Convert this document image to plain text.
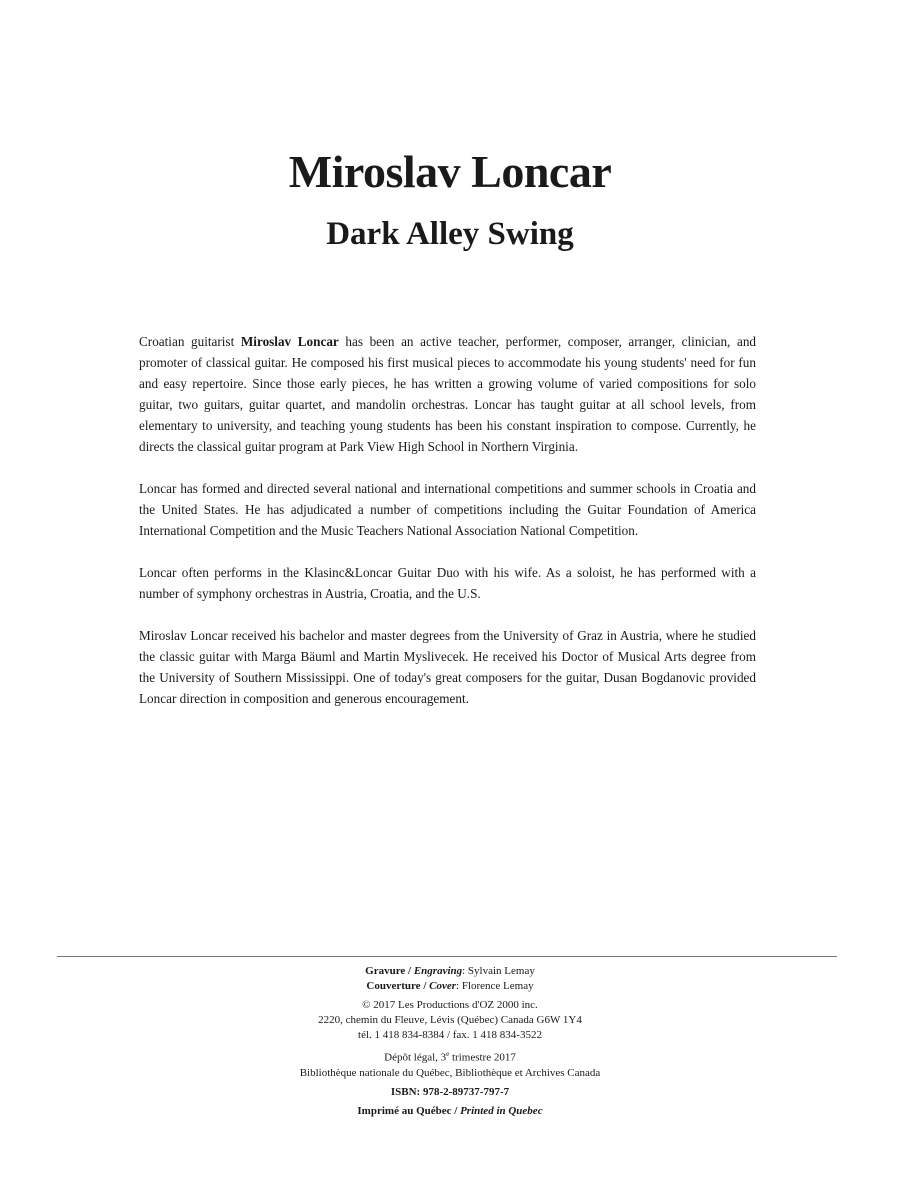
Miroslav Loncar
Dark Alley Swing

Croatian guitarist Miroslav Loncar has been an active teacher, performer, composer, arranger, clinician, and promoter of classical guitar. He composed his first musical pieces to accommodate his young students' need for fun and easy repertoire. Since those early pieces, he has written a growing volume of varied compositions for solo guitar, two guitars, guitar quartet, and mandolin orchestras. Loncar has taught guitar at all school levels, from elementary to university, and teaching young students has been his constant inspiration to compose. Currently, he directs the classical guitar program at Park View High School in Northern Virginia.

Loncar has formed and directed several national and international competitions and summer schools in Croatia and the United States. He has adjudicated a number of competitions including the Guitar Foundation of America International Competition and the Music Teachers National Association National Competition.

Loncar often performs in the Klasinc&Loncar Guitar Duo with his wife. As a soloist, he has performed with a number of symphony orchestras in Austria, Croatia, and the U.S.

Miroslav Loncar received his bachelor and master degrees from the University of Graz in Austria, where he studied the classic guitar with Marga Bäuml and Martin Myslivecek. He received his Doctor of Musical Arts degree from the University of Southern Mississippi. One of today's great composers for the guitar, Dusan Bogdanovic provided Loncar direction in composition and generous encouragement.

Gravure / Engraving: Sylvain Lemay
Couverture / Cover: Florence Lemay
© 2017 Les Productions d'OZ 2000 inc.
2220, chemin du Fleuve, Lévis (Québec) Canada G6W 1Y4
tél. 1 418 834-8384 / fax. 1 418 834-3522
Dépôt légal, 3e trimestre 2017
Bibliothèque nationale du Québec, Bibliothèque et Archives Canada
ISBN: 978-2-89737-797-7
Imprimé au Québec / Printed in Quebec
